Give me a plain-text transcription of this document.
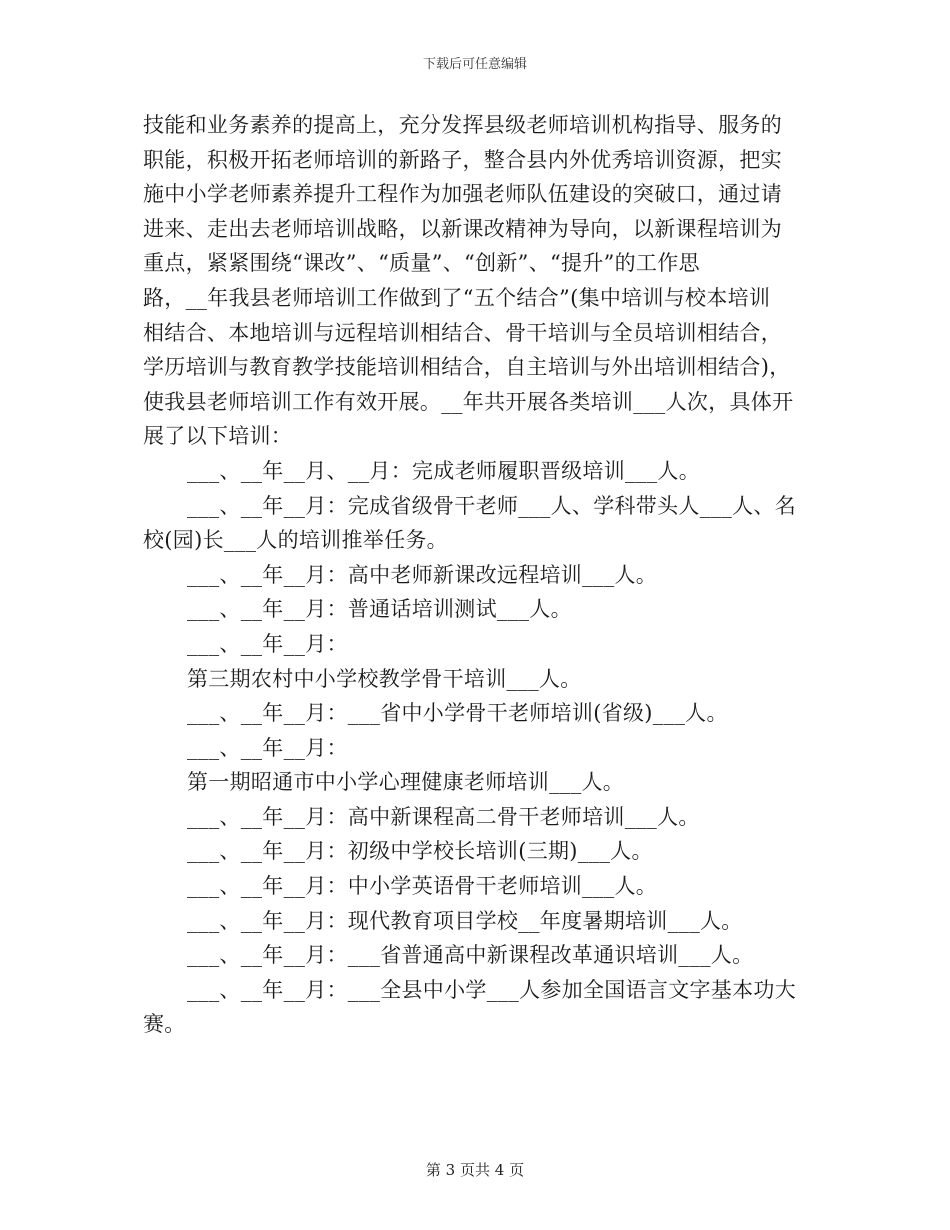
下载后可任意编辑

技能和业务素养的提高上，充分发挥县级老师培训机构指导、服务的
职能，积极开拓老师培训的新路子，整合县内外优秀培训资源，把实
施中小学老师素养提升工程作为加强老师队伍建设的突破口，通过请
进来、走出去老师培训战略，以新课改精神为导向，以新课程培训为
重点，紧紧围绕“课改”、“质量”、“创新”、“提升”的工作思
路，__年我县老师培训工作做到了“五个结合”(集中培训与校本培训
相结合、本地培训与远程培训相结合、骨干培训与全员培训相结合，
学历培训与教育教学技能培训相结合，自主培训与外出培训相结合)，
使我县老师培训工作有效开展。__年共开展各类培训___人次，具体开
展了以下培训：

___、__年__月、__月：完成老师履职晋级培训___人。

___、__年__月：完成省级骨干老师___人、学科带头人___人、名
校(园)长___人的培训推举任务。

___、__年__月：高中老师新课改远程培训___人。

___、__年__月：普通话培训测试___人。

___、__年__月：

第三期农村中小学校教学骨干培训___人。

___、__年__月：___省中小学骨干老师培训(省级)___人。

___、__年__月：

第一期昭通市中小学心理健康老师培训___人。

___、__年__月：高中新课程高二骨干老师培训___人。

___、__年__月：初级中学校长培训(三期)___人。

___、__年__月：中小学英语骨干老师培训___人。

___、__年__月：现代教育项目学校__年度暑期培训___人。

___、__年__月：___省普通高中新课程改革通识培训___人。

___、__年__月：___全县中小学___人参加全国语言文字基本功大
赛。

第 3 页共 4 页
